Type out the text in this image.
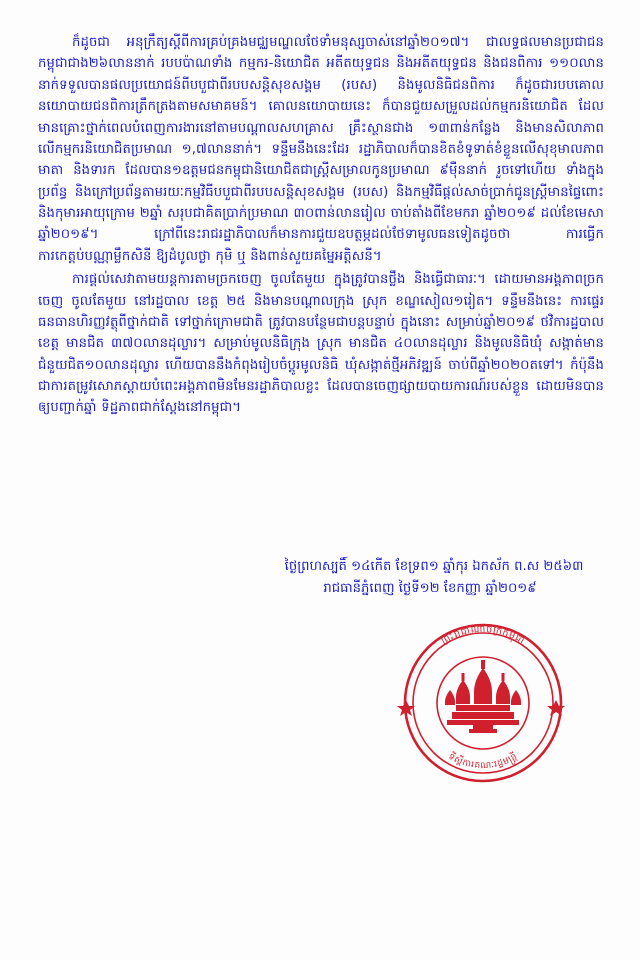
ក៏ដូចជា អនុក្រឹត្យស្ដីពីការគ្រប់គ្រងមជ្ឈមណ្ឌលថែទាំមនុស្សចាស់នៅឆ្នាំ២០១៧។ ជាលទ្ធផលមានប្រជាជនកម្ពុជាជាង២៦លាននាក់ របបប៉ាណទាំង កម្មករ-និយោជិត អតីតយុទ្ធជន និងអតីតយុទ្ធជន និងជនពិការ ១១០លាននាក់ទទួលបានផលប្រយោជន៍ពីបបួជាពីរបបសន្តិសុខសង្គម (របស) និងមូលនិធិជនពិការ ក៏ដូចជារបបគោលនយោបាយជនពិការត្រឹកត្រងតាមសមាគមន៍។ គោលនយោបាយនេះ ក៏បានជួយសម្រួលដល់កម្មករនិយោជិត ដែលមានគ្រោះថ្នាក់ពេលបំពេញការងារនៅតាមបណ្ដាលសហគ្រាស គ្រឹះស្ថានជាង ១៣ពាន់កន្លែង និងមានសិលាភាពលើកម្មករនិយោជិតប្រមាណ ១,៧លាននាក់។ ទន្ទឹមនឹងនេះដែរ រដ្ឋាភិបាលក៏បានខិតខំទូទាត់ខំខ្លួនលើសុខុមាលភាពមាតា និងទារក ដែលបាន១ឧត្ដមជនកម្ពុជានិយោជិតជាស្ត្រីសម្រាលកូនប្រមាណ ៩ម៉ឺននាក់ រួចទៅហើយ ទាំងក្នុងប្រព័ន្ធ និងក្រៅប្រព័ន្ធតាមរយៈកម្មវិធីបបួជាពីរបបសន្តិសុខសង្គម (របស) និងកម្មវិធីផ្ដល់សាច់ប្រាក់ជូនស្ត្រីមានផ្ទៃពោះ និងកុមារអាយុក្រោម ២ឆ្នាំ សរុបជាគិតប្រាក់ប្រមាណ ៣០ពាន់លានរៀល ចាប់តាំងពីខែមករា ឆ្នាំ២០១៩ ដល់ខែមេសា ឆ្នាំ២០១៩។ ក្រៅពីនេះរាជរដ្ឋាភិបាលក៏មានការជួយឧបត្ថម្ភដល់ថែទាមូលធនទៀតដូចថា ការធ្វើកការកេត្តប់បណ្ណាម្លឹកសិនី ឱ្យដំបូលថ្ងា កុមិ ឬ និងពាន់សួយគម្នៃអត្តិសនី។

ការផ្ដល់សេវាតាមយន្តការតាមច្រកចេញ ចូលតែមួយ ក្នុងត្រូវបានថ្លឹង និងធ្វើជាធារៈ។ ដោយមានអង្គភាពច្រកចេញ ចូលតែមួយ នៅរដ្ឋបាល ខេត្ត ២៥ និងមានបណ្ដាលក្រុង ស្រុក ខណ្ឌសៀល១រៀត។ ទន្ទឹមនឹងនេះ ការផ្ទេរធនធានហិរញ្ញវត្ថុពីថ្នាក់ជាតិ ទៅថ្នាក់ក្រោមជាតិ ត្រូវបានបន្ថែមជាបន្តបន្ទាប់ ក្នុងនោះ សម្រាប់ឆ្នាំ២០១៩ ថវិការដ្ឋបាល ខេត្ត មានជិត ៣៧០លានដុល្លារ។ សម្រាប់មូលនិធិក្រុង ស្រុក មានជិត ៤០លានដុល្លារ និងមូលនិធិឃុំ សង្កាត់មានជំនួយជិត១០លានដុល្លារ ហើយបាននឹងកំពុងរៀបចំប្ដូរមូលនិធិ ឃុំសង្កាត់ថ្មីអភិវឌ្ឍន៍ ចាប់ពីឆ្នាំ២០២០តទៅ។ កំប៉ុនឹង ជាការតម្រូវសោភស្ដាយបំពេះអង្គភាពមិនមែនរដ្ឋាភិបាលខ្លះ ដែលបានចេញផ្សាយបាយការណ៍របស់ខ្លួន ដោយមិនបានឲ្យបញ្ជាក់ឆ្នាំ ទិដ្ឋភាពជាក់ស្ដែងនៅកម្ពុជា។

ថ្ងៃព្រហស្បតិ៍ ១៤កើត ខែទ្រព១ ឆ្នាំកុរ ឯកស័ក ព.ស ២៥៦៣
រាជធានីភ្នំពេញ ថ្ងៃទី១២ ខែកញ្ញា ឆ្នាំ២០១៩
ព្រះរាជាណាចក្រកម្ពុជា
ទីស្ដីការគណៈរដ្ឋមន្ត្រី
